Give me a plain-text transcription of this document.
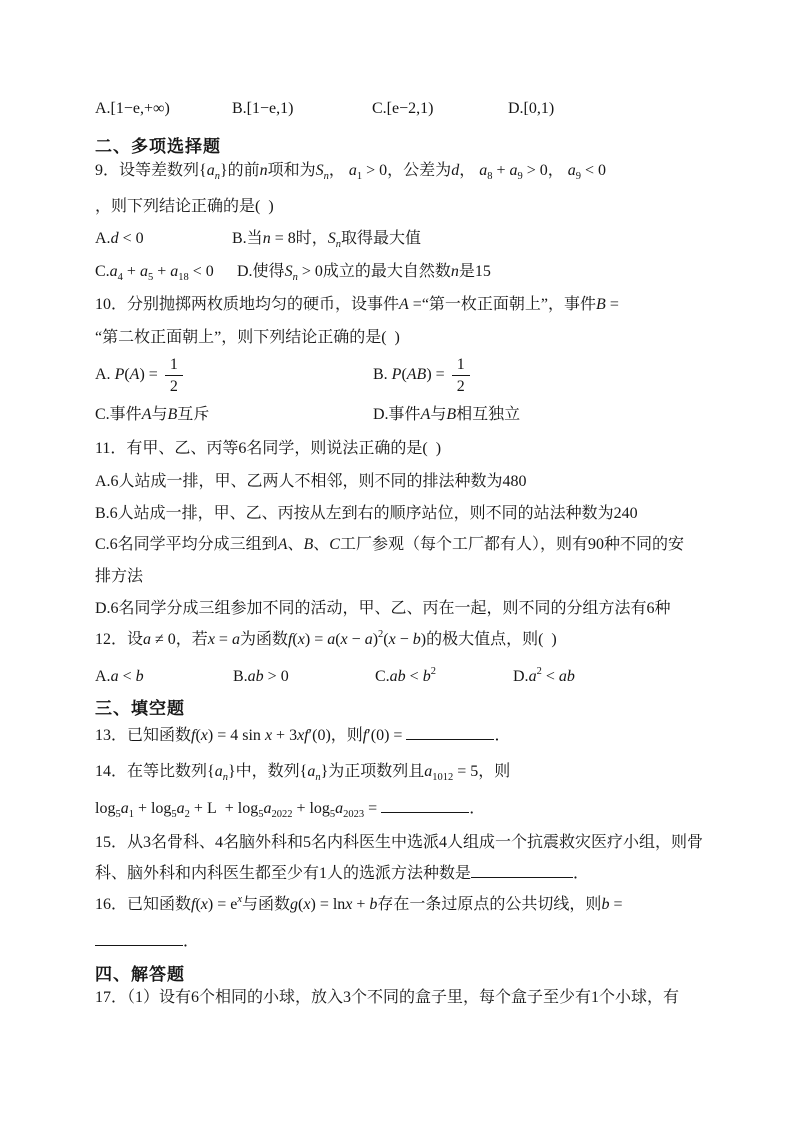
A.[1−e,+∞)	B.[1−e,1)	C.[e−2,1)	D.[0,1)
二、多项选择题
9．设等差数列$\{a_n\}$的前n项和为$S_n$， $a_1 > 0$，公差为d， $a_8 + a_9 > 0$， $a_9 < 0$
，则下列结论正确的是(  )
A.d < 0	B.当n = 8时，$S_n$取得最大值
$C.a_4 + a_5 + a_{18} < 0$ D.使得$S_n > 0$成立的最大自然数n是15
10．分别抛掷两枚质地均匀的硬币，设事件A =“第一枚正面朝上”，事件B =
“第二枚正面朝上”，则下列结论正确的是(  )
A. $P(A) = \frac{1}{2}$	B. $P(AB) = \frac{1}{2}$
C.事件A与B互斥	D.事件A与B相互独立
11．有甲、乙、丙等6名同学，则说法正确的是(  )
A.6人站成一排，甲、乙两人不相邻，则不同的排法种数为480
B.6人站成一排，甲、乙、丙按从左到右的顺序站位，则不同的站法种数为240
C.6名同学平均分成三组到A、B、C工厂参观（每个工厂都有人），则有90种不同的安
排方法
D.6名同学分成三组参加不同的活动，甲、乙、丙在一起，则不同的分组方法有6种
12．设a ≠ 0，若x = a为函数$f(x) = a(x - a)^2(x - b)$的极大值点，则(  )
A.a < b	B.ab > 0	$C.ab < b^2$	$D.a^2$ < ab
三、填空题
13．已知函数f(x) = 4 sin x + 3xf′(0)，则f′(0) =	．
14．在等比数列$\{a_n\}$中，数列$\{a_n\}$为正项数列且$a_{1012} = 5$，则
$\log_5a_1 + \log_5a_2 + L + \log_5a_{2022} + \log_5a_{2023}$ =	．
15．从3名骨科、4名脑外科和5名内科医生中选派4人组成一个抗震救灾医疗小组，则骨
科、脑外科和内科医生都至少有1人的选派方法种数是	．
16．已知函数$f(x) = e^x$与函数g(x) = lnx + b存在一条过原点的公共切线，则b =
．
四、解答题
17．（1）设有6个相同的小球，放入3个不同的盒子里，每个盒子至少有1个小球，有
